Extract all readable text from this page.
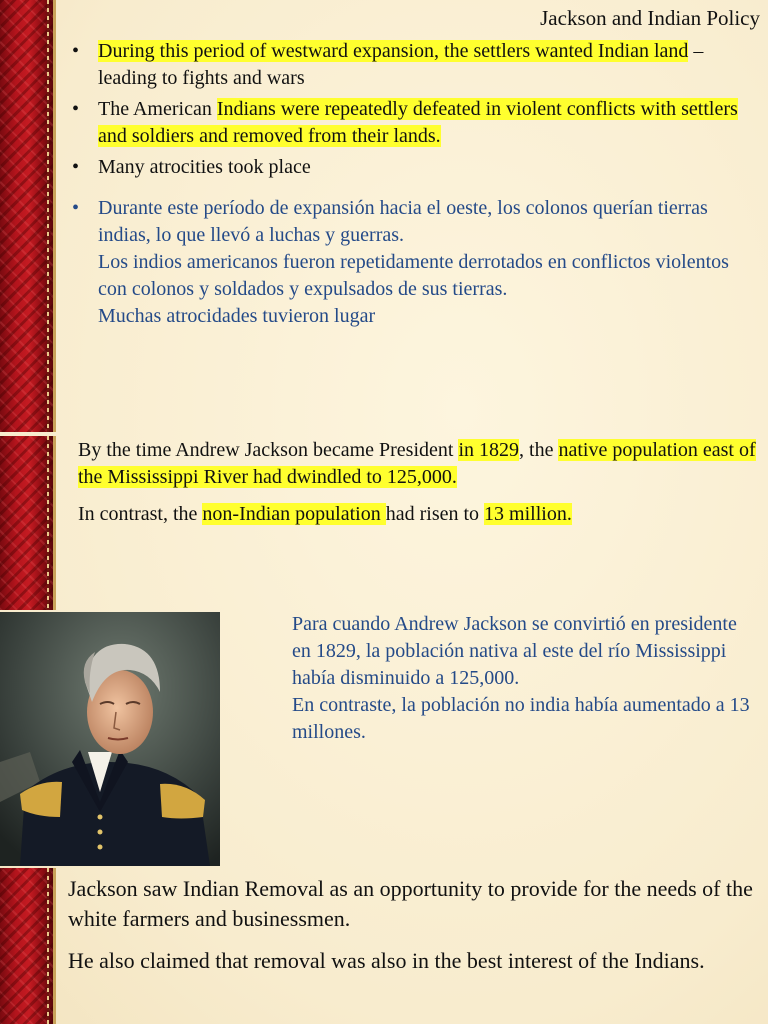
Jackson and Indian Policy
• During this period of westward expansion, the settlers wanted Indian land – leading to fights and wars
• The American Indians were repeatedly defeated in violent conflicts with settlers and soldiers and removed from their lands.
• Many atrocities took place
• Durante este período de expansión hacia el oeste, los colonos querían tierras indias, lo que llevó a luchas y guerras.
Los indios americanos fueron repetidamente derrotados en conflictos violentos con colonos y soldados y expulsados de sus tierras.
Muchas atrocidades tuvieron lugar

By the time Andrew Jackson became President in 1829, the native population east of the Mississippi River had dwindled to 125,000.

In contrast, the non-Indian population had risen to 13 million.

Para cuando Andrew Jackson se convirtió en presidente en 1829, la población nativa al este del río Mississippi había disminuido a 125,000.

En contraste, la población no india había aumentado a 13 millones.

Jackson saw Indian Removal as an opportunity to provide for the needs of the white farmers and businessmen.

He also claimed that removal was also in the best interest of the Indians.
